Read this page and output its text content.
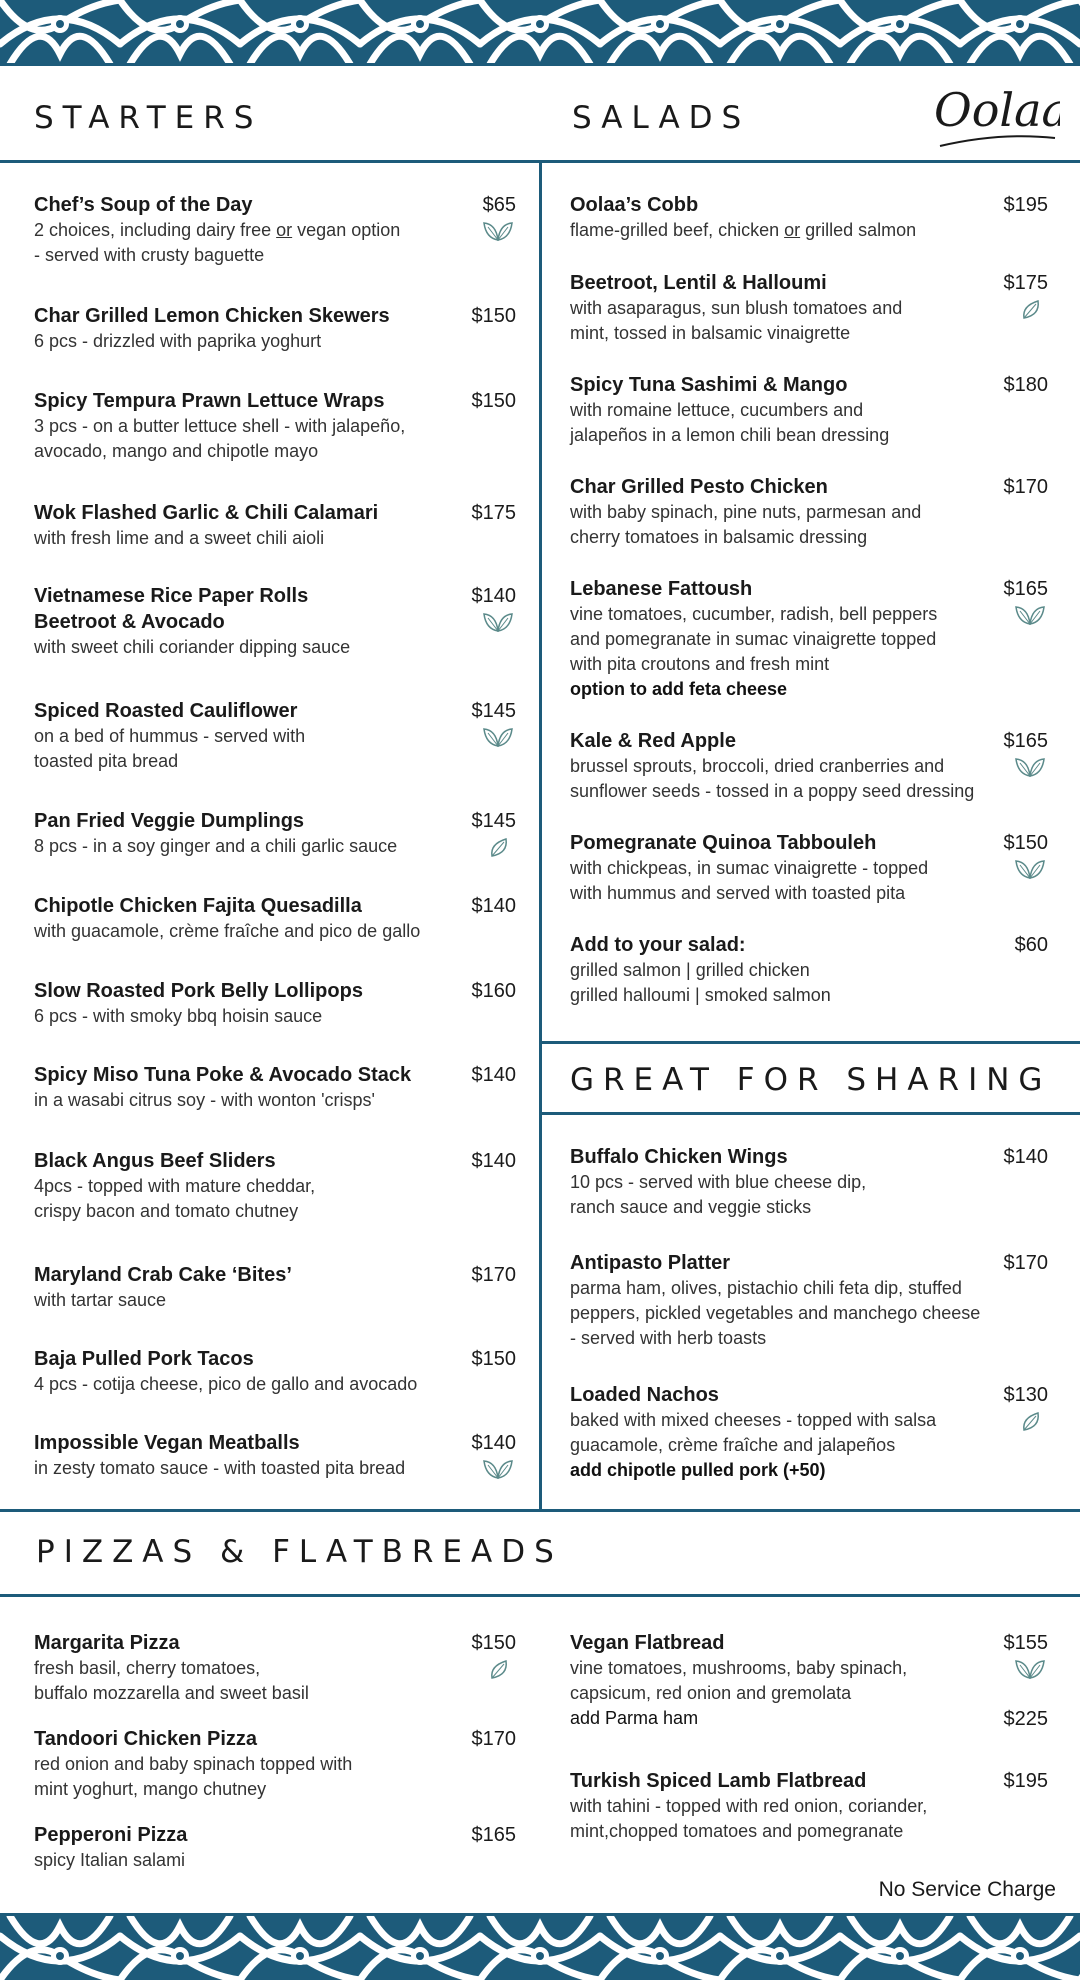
STARTERS	SALADS
GREAT FOR SHARING
PIZZAS & FLATBREADS
Oolaa
Chef’s Soup of the Day
2 choices, including dairy free or vegan option
- served with crusty baguette
$65
Char Grilled Lemon Chicken Skewers
6 pcs - drizzled with paprika yoghurt
$150
Spicy Tempura Prawn Lettuce Wraps
3 pcs - on a butter lettuce shell - with jalapeño,
avocado, mango and chipotle mayo
$150
Wok Flashed Garlic & Chili Calamari
with fresh lime and a sweet chili aioli
$175
Vietnamese Rice Paper Rolls
Beetroot & Avocado
with sweet chili coriander dipping sauce
$140
Spiced Roasted Cauliflower
on a bed of hummus - served with
toasted pita bread
$145
Pan Fried Veggie Dumplings
8 pcs - in a soy ginger and a chili garlic sauce
$145
Chipotle Chicken Fajita Quesadilla
with guacamole, crème fraîche and pico de gallo
$140
Slow Roasted Pork Belly Lollipops
6 pcs - with smoky bbq hoisin sauce
$160
Spicy Miso Tuna Poke & Avocado Stack
in a wasabi citrus soy - with wonton 'crisps'
$140
Black Angus Beef Sliders
4pcs - topped with mature cheddar,
crispy bacon and tomato chutney
$140
Maryland Crab Cake ‘Bites’
with tartar sauce
$170
Baja Pulled Pork Tacos
4 pcs - cotija cheese, pico de gallo and avocado
$150
Impossible Vegan Meatballs
in zesty tomato sauce - with toasted pita bread
$140
Oolaa’s Cobb
flame-grilled beef, chicken or grilled salmon
$195
Beetroot, Lentil & Halloumi
with asaparagus, sun blush tomatoes and
mint, tossed in balsamic vinaigrette
$175
Spicy Tuna Sashimi & Mango
with romaine lettuce, cucumbers and
jalapeños in a lemon chili bean dressing
$180
Char Grilled Pesto Chicken
with baby spinach, pine nuts, parmesan and
cherry tomatoes in balsamic dressing
$170
Lebanese Fattoush
vine tomatoes, cucumber, radish, bell peppers
and pomegranate in sumac vinaigrette topped
with pita croutons and fresh mint
option to add feta cheese
$165
Kale & Red Apple
brussel sprouts, broccoli, dried cranberries and
sunflower seeds - tossed in a poppy seed dressing
$165
Pomegranate Quinoa Tabbouleh
with chickpeas, in sumac vinaigrette - topped
with hummus and served with toasted pita
$150
Add to your salad:
grilled salmon | grilled chicken
grilled halloumi | smoked salmon
$60
Buffalo Chicken Wings
10 pcs - served with blue cheese dip,
ranch sauce and veggie sticks
$140
Antipasto Platter
parma ham, olives, pistachio chili feta dip, stuffed
peppers, pickled vegetables and manchego cheese
- served with herb toasts
$170
Loaded Nachos
baked with mixed cheeses - topped with salsa
guacamole, crème fraîche and jalapeños
add chipotle pulled pork (+50)
$130
Margarita Pizza
fresh basil, cherry tomatoes,
buffalo mozzarella and sweet basil
$150
Tandoori Chicken Pizza
red onion and baby spinach topped with
mint yoghurt, mango chutney
$170
Pepperoni Pizza
spicy Italian salami
$165
Vegan Flatbread
vine tomatoes, mushrooms, baby spinach,
capsicum, red onion and gremolata
add Parma ham
$155
$225
Turkish Spiced Lamb Flatbread
with tahini - topped with red onion, coriander,
mint,chopped tomatoes and pomegranate
$195
No Service Charge
